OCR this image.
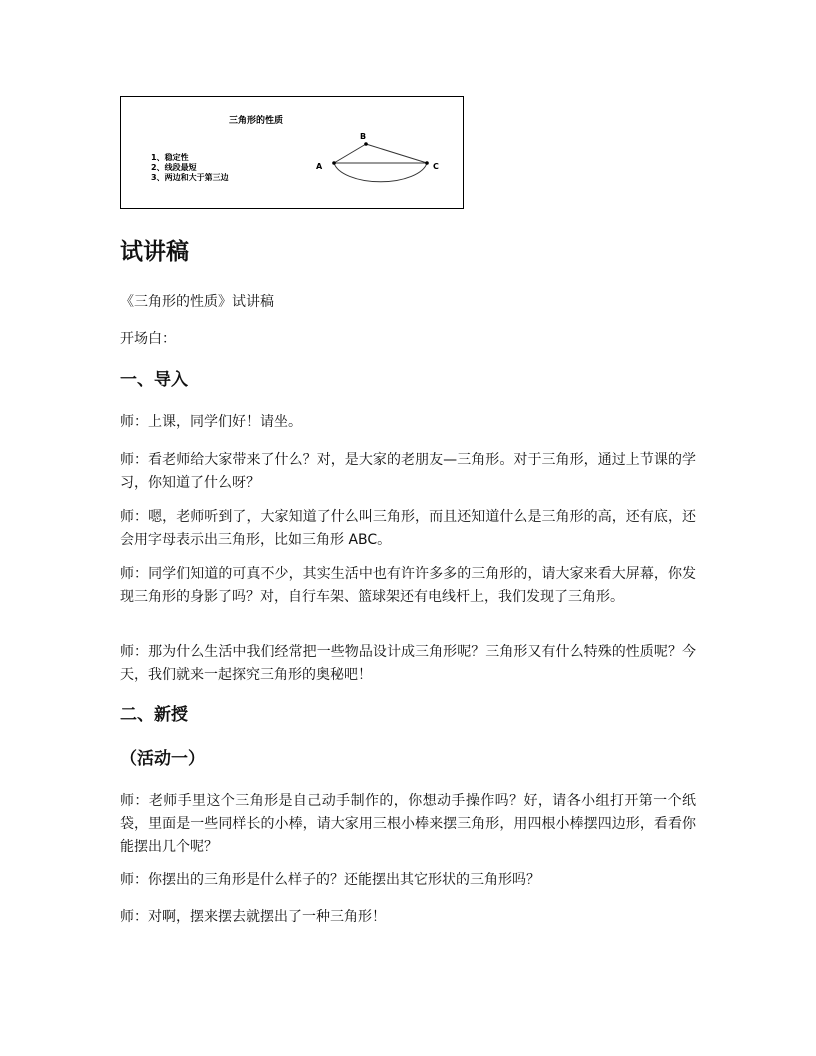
三角形的性质
1、稳定性
2、线段最短
3、两边和大于第三边
A
B
C
试讲稿

《三角形的性质》试讲稿

开场白：

一、导入

师：上课，同学们好！请坐。

师：看老师给大家带来了什么？对，是大家的老朋友—三角形。对于三角形，通过上节课的学习，你知道了什么呀？

师：嗯，老师听到了，大家知道了什么叫三角形，而且还知道什么是三角形的高，还有底，还会用字母表示出三角形，比如三角形 ABC。

师：同学们知道的可真不少，其实生活中也有许许多多的三角形的，请大家来看大屏幕，你发现三角形的身影了吗？对，自行车架、篮球架还有电线杆上，我们发现了三角形。

师：那为什么生活中我们经常把一些物品设计成三角形呢？三角形又有什么特殊的性质呢？今天，我们就来一起探究三角形的奥秘吧！

二、新授
（活动一）

师：老师手里这个三角形是自己动手制作的，你想动手操作吗？好，请各小组打开第一个纸袋，里面是一些同样长的小棒，请大家用三根小棒来摆三角形，用四根小棒摆四边形，看看你能摆出几个呢？

师：你摆出的三角形是什么样子的？还能摆出其它形状的三角形吗？

师：对啊，摆来摆去就摆出了一种三角形！
